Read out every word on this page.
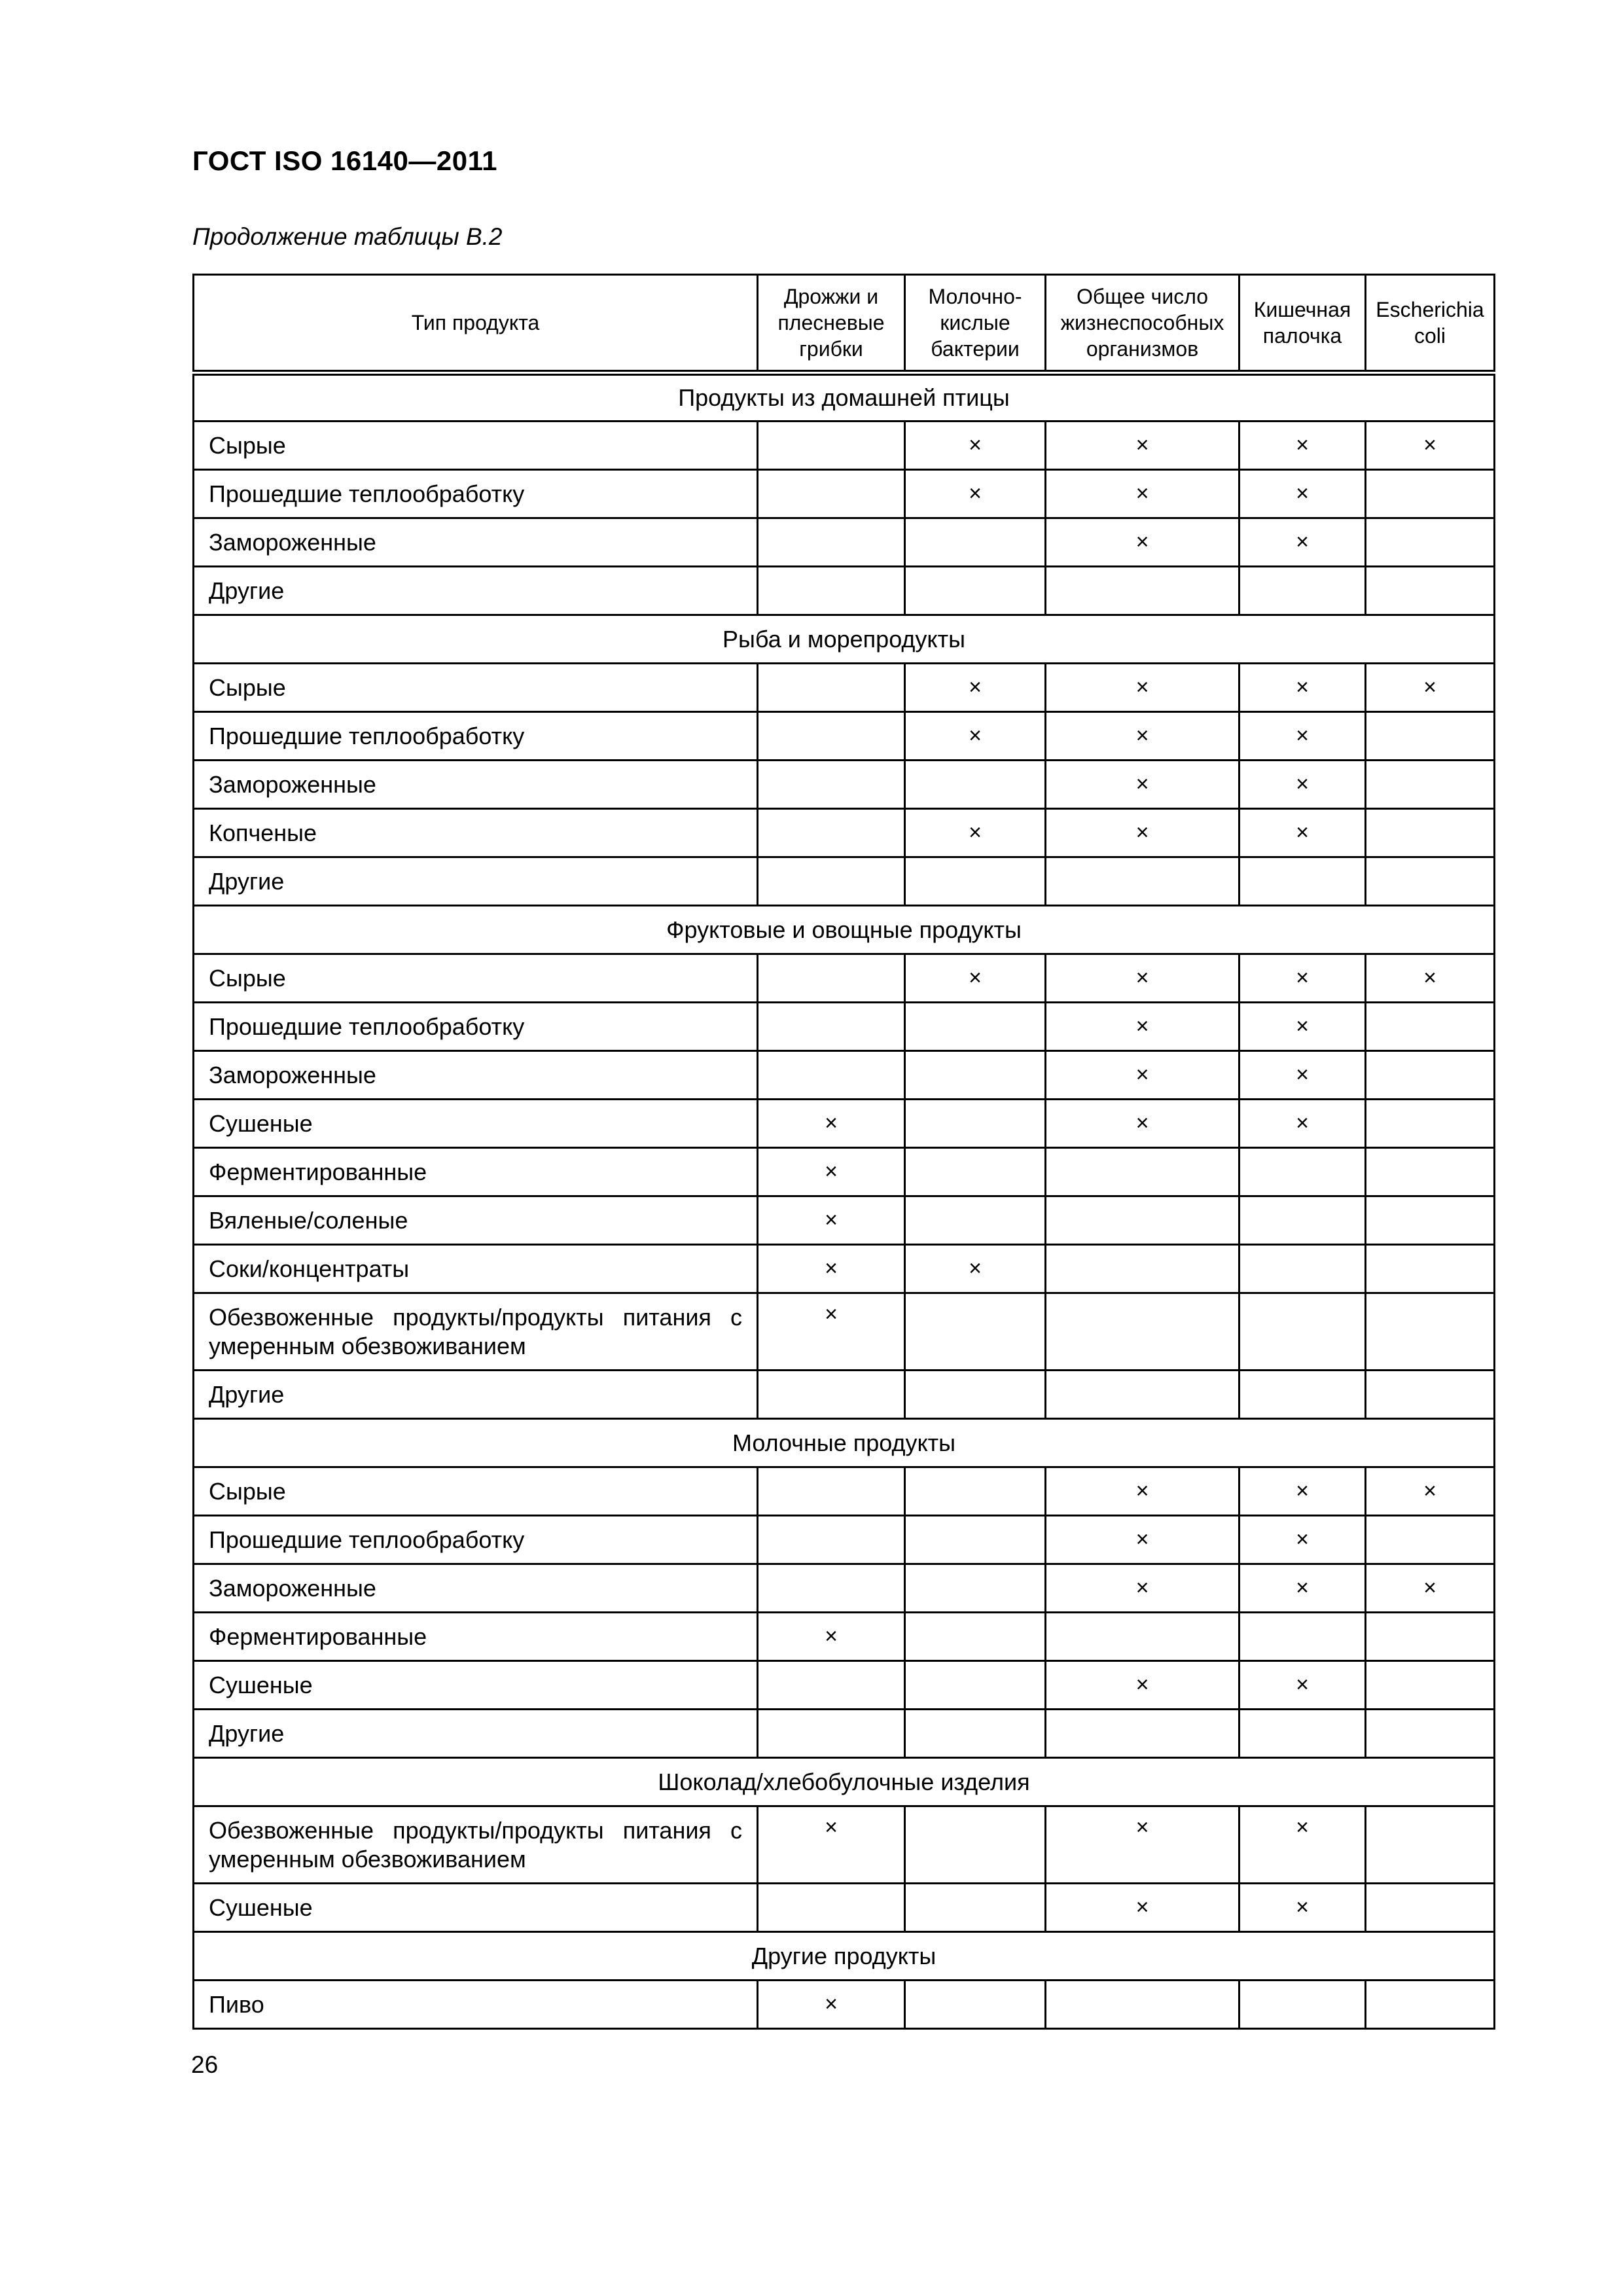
ГОСТ ISO 16140—2011
Продолжение таблицы В.2
Тип продукта	Дрожжи и плесневые грибки	Молочно-кислые бактерии	Общее число жизнеспособных организмов	Кишечная палочка	Escherichia coli
Продукты из домашней птицы					
Сырые		×	×	×	×
Прошедшие теплообработку		×	×	×	
Замороженные			×	×	
Другие					
Рыба и морепродукты					
Сырые		×	×	×	×
Прошедшие теплообработку		×	×	×	
Замороженные			×	×	
Копченые		×	×	×	
Другие					
Фруктовые и овощные продукты					
Сырые		×	×	×	×
Прошедшие теплообработку			×	×	
Замороженные			×	×	
Сушеные	×		×	×	
Ферментированные	×				
Вяленые/соленые	×				
Соки/концентраты	×	×			
Обезвоженные продукты/продукты питания с умеренным обезвоживанием	×				
Другие					
Молочные продукты					
Сырые			×	×	×
Прошедшие теплообработку			×	×	
Замороженные			×	×	×
Ферментированные	×				
Сушеные			×	×	
Другие					
Шоколад/хлебобулочные изделия					
Обезвоженные продукты/продукты питания с умеренным обезвоживанием	×		×	×	
Сушеные			×	×	
Другие продукты					
Пиво	×				
26
